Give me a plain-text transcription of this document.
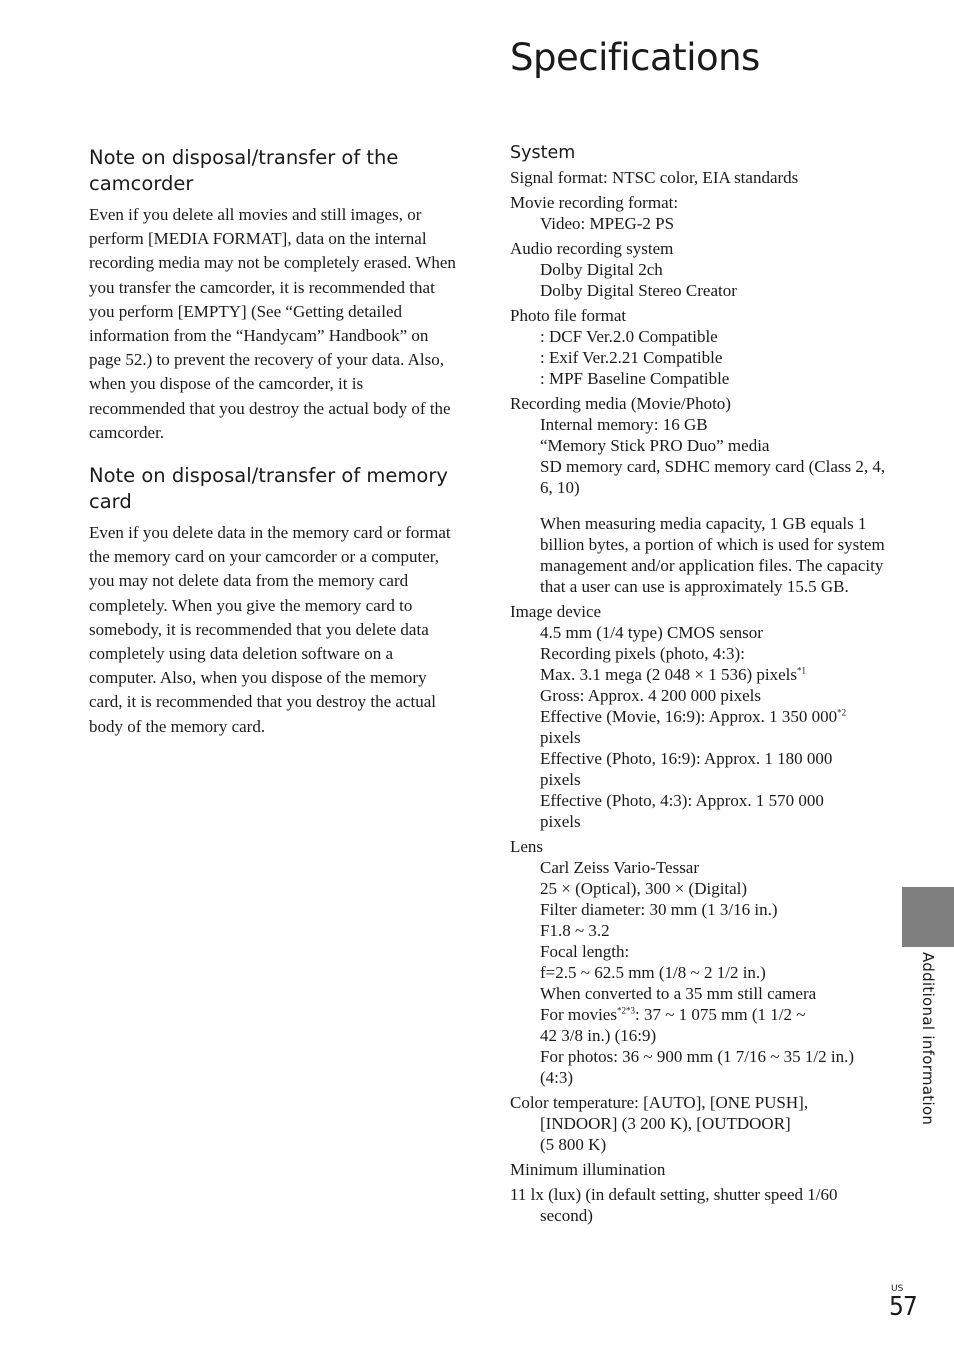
Specifications
Note on disposal/transfer of the camcorder

Even if you delete all movies and still images, or perform [MEDIA FORMAT], data on the internal recording media may not be completely erased. When you transfer the camcorder, it is recommended that you perform [EMPTY] (See “Getting detailed information from the “Handycam” Handbook” on page 52.) to prevent the recovery of your data. Also, when you dispose of the camcorder, it is recommended that you destroy the actual body of the camcorder.

Note on disposal/transfer of memory card

Even if you delete data in the memory card or format the memory card on your camcorder or a computer, you may not delete data from the memory card completely. When you give the memory card to somebody, it is recommended that you delete data completely using data deletion software on a computer. Also, when you dispose of the memory card, it is recommended that you destroy the actual body of the memory card.

System
Signal format: NTSC color, EIA standards
Movie recording format:
Video: MPEG-2 PS
Audio recording system
Dolby Digital 2ch
Dolby Digital Stereo Creator
Photo file format
: DCF Ver.2.0 Compatible
: Exif Ver.2.21 Compatible
: MPF Baseline Compatible
Recording media (Movie/Photo)
Internal memory: 16 GB
“Memory Stick PRO Duo” media
SD memory card, SDHC memory card (Class 2, 4, 6, 10)
When measuring media capacity, 1 GB equals 1 billion bytes, a portion of which is used for system management and/or application files. The capacity that a user can use is approximately 15.5 GB.
Image device
4.5 mm (1/4 type) CMOS sensor
Recording pixels (photo, 4:3):
Max. 3.1 mega (2 048 × 1 536) pixels$^{*1}$
Gross: Approx. 4 200 000 pixels
Effective (Movie, 16:9): Approx. 1 350 000$^{*2}$
pixels
Effective (Photo, 16:9): Approx. 1 180 000
pixels
Effective (Photo, 4:3): Approx. 1 570 000
pixels
Lens
Carl Zeiss Vario-Tessar
25 × (Optical), 300 × (Digital)
Filter diameter: 30 mm (1 3/16 in.)
F1.8 ~ 3.2
Focal length:
f=2.5 ~ 62.5 mm (1/8 ~ 2 1/2 in.)
When converted to a 35 mm still camera
For movies$^{*2*3}$: 37 ~ 1 075 mm (1 1/2 ~
42 3/8 in.) (16:9)
For photos: 36 ~ 900 mm (1 7/16 ~ 35 1/2 in.)
(4:3)
Color temperature: [AUTO], [ONE PUSH],
[INDOOR] (3 200 K), [OUTDOOR]
(5 800 K)
Minimum illumination
11 lx (lux) (in default setting, shutter speed 1/60
second)
Additional information
US
57
